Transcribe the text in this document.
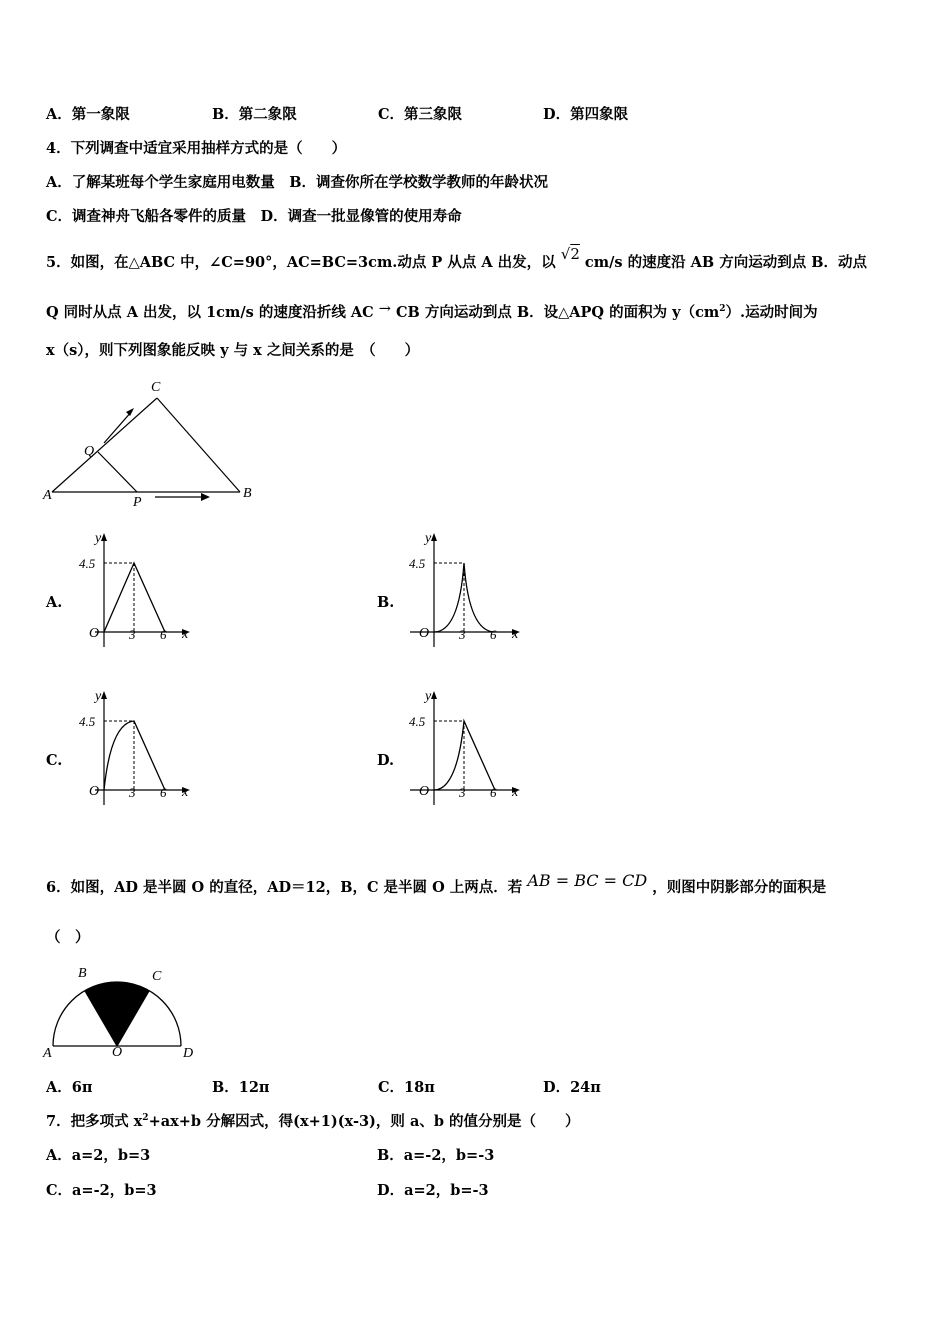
A．第一象限	B．第二象限	C．第三象限	D．第四象限
4．下列调查中适宜采用抽样方式的是（　　）
A．了解某班每个学生家庭用电数量　B．调查你所在学校数学教师的年龄状况
C．调查神舟飞船各零件的质量　D．调查一批显像管的使用寿命
5．如图，在△ABC 中，∠C=90°，AC=BC=3cm.动点 P 从点 A 出发，以 √2 cm/s 的速度沿 AB 方向运动到点 B．动点
Q 同时从点 A 出发，以 1cm/s 的速度沿折线 AC → CB 方向运动到点 B．设△APQ 的面积为 $y(cm^2)$.运动时间为
x（s），则下列图象能反映 y 与 x 之间关系的是　（　　）
A	B
C
P
Q
A.	B.
C.	D.
y
4.5
O 3 6 x
y
4.5
O 3 6 x
y
4.5
O 3 6 x
y
4.5
O 3 6 x
6．如图，AD 是半圆 O 的直径，AD＝12，B，C 是半圆 O 上两点．若 AB = BC = CD ，则图中阴影部分的面积是
（　）
A
B	C
D
O
A．6π	B．12π	C．18π	D．24π
7．把多项式 $x^2+ax+b$ 分解因式，得(x+1)(x-3)，则 a、b 的值分别是（　　）
A．a=2，b=3	B．a=-2，b=-3
C．a=-2，b=3	D．a=2，b=-3
